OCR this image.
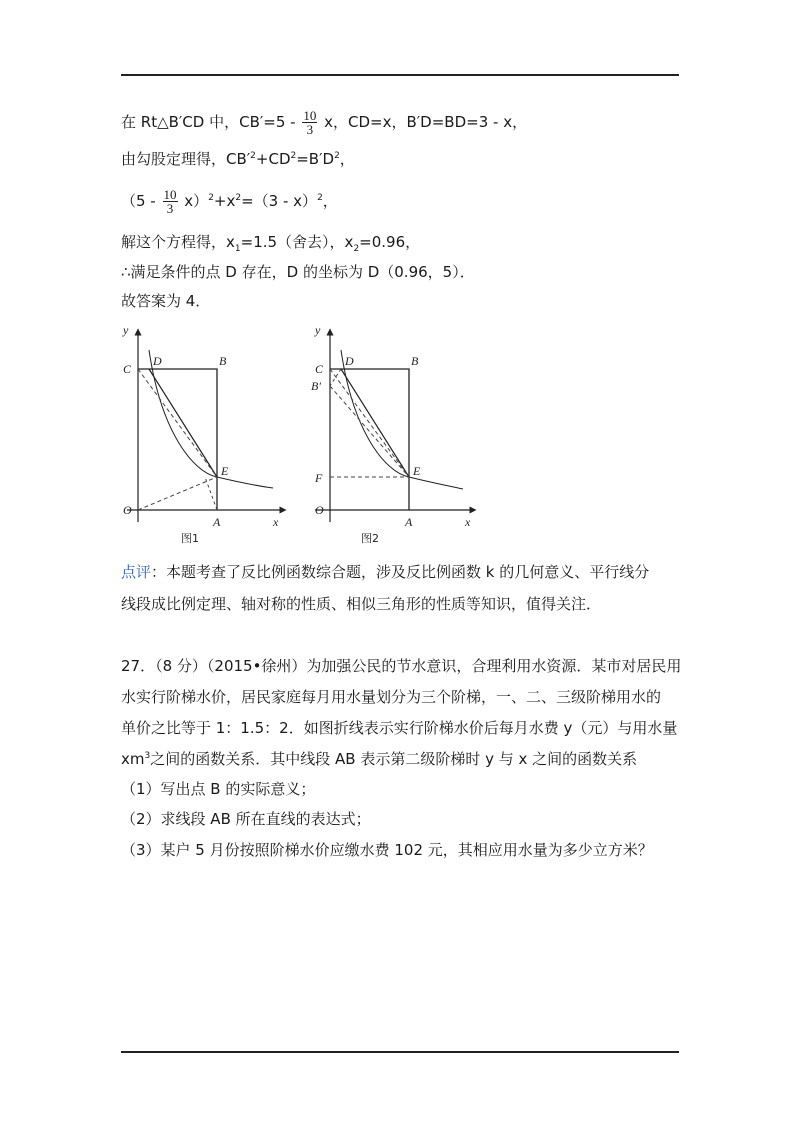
在 Rt△B′CD 中，$CB'=5 - \frac{10}{3}$ x，CD=x，B′D=BD=3 - x，
由勾股定理得，$CB'^2+CD^2=B'D^2$，
$(5 - \frac{10}{3} x)^2+x^2=(3 - x)^2$，
解这个方程得，$x_1=1.5$（舍去），$x_2=0.96$，
∴满足条件的点 D 存在，D 的坐标为 D（0.96，5）．
故答案为 4．
y
C
D	B
E
O
A	x
图1
y
C
B′
D	B
E
F
O
A	x
图2
点评：本题考查了反比例函数综合题，涉及反比例函数 k 的几何意义、平行线分
线段成比例定理、轴对称的性质、相似三角形的性质等知识，值得关注．
27．（8 分）（2015•徐州）为加强公民的节水意识，合理利用水资源．某市对居民用
水实行阶梯水价，居民家庭每月用水量划分为三个阶梯，一、二、三级阶梯用水的
单价之比等于 1：1.5：2．如图折线表示实行阶梯水价后每月水费 y（元）与用水量
$xm^3$之间的函数关系．其中线段 AB 表示第二级阶梯时 y 与 x 之间的函数关系
（1）写出点 B 的实际意义；
（2）求线段 AB 所在直线的表达式；
（3）某户 5 月份按照阶梯水价应缴水费 102 元，其相应用水量为多少立方米？
